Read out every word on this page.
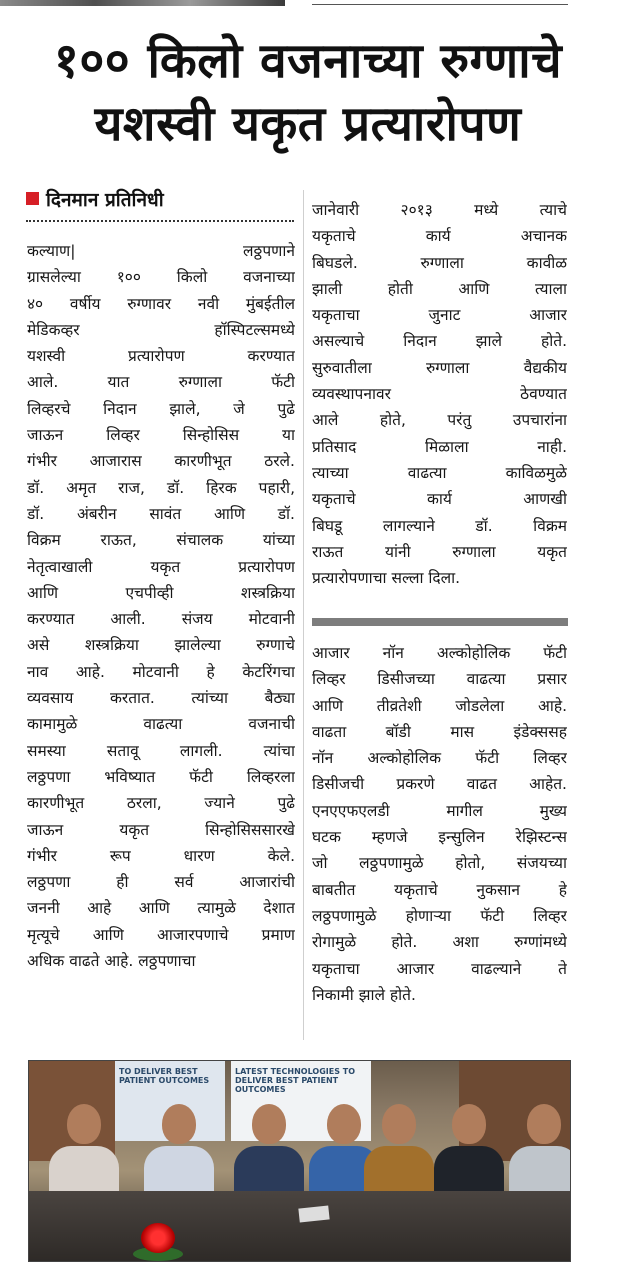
१०० किलो वजनाच्या रुग्णाचे
यशस्वी यकृत प्रत्यारोपण
दिनमान प्रतिनिधी
कल्याण| लठ्ठपणाने
ग्रासलेल्या १०० किलो वजनाच्या
४० वर्षीय रुग्णावर नवी मुंबईतील
मेडिकव्हर हॉस्पिटल्समध्ये
यशस्वी प्रत्यारोपण करण्यात
आले. यात रुग्णाला फॅटी
लिव्हरचे निदान झाले, जे पुढे
जाऊन लिव्हर सिन्होसिस या
गंभीर आजारास कारणीभूत ठरले.
डॉ. अमृत राज, डॉ. हिरक पहारी,
डॉ. अंबरीन सावंत आणि डॉ.
विक्रम राऊत, संचालक यांच्या
नेतृत्वाखाली यकृत प्रत्यारोपण
आणि एचपीव्ही शस्त्रक्रिया
करण्यात आली. संजय मोटवानी
असे शस्त्रक्रिया झालेल्या रुग्णाचे
नाव आहे. मोटवानी हे केटरिंगचा
व्यवसाय करतात. त्यांच्या बैठ्या
कामामुळे वाढत्या वजनाची
समस्या सतावू लागली. त्यांचा
लठ्ठपणा भविष्यात फॅटी लिव्हरला
कारणीभूत ठरला, ज्याने पुढे
जाऊन यकृत सिन्होसिससारखे
गंभीर रूप धारण केले.
लठ्ठपणा ही सर्व आजारांची
जननी आहे आणि त्यामुळे देशात
मृत्यूचे आणि आजारपणाचे प्रमाण
अधिक वाढते आहे. लठ्ठपणाचा
जानेवारी २०१३ मध्ये त्याचे
यकृताचे कार्य अचानक
बिघडले. रुग्णाला कावीळ
झाली होती आणि त्याला
यकृताचा जुनाट आजार
असल्याचे निदान झाले होते.
सुरुवातीला रुग्णाला वैद्यकीय
व्यवस्थापनावर ठेवण्यात
आले होते, परंतु उपचारांना
प्रतिसाद मिळाला नाही.
त्याच्या वाढत्या काविळमुळे
यकृताचे कार्य आणखी
बिघडू लागल्याने डॉ. विक्रम
राऊत यांनी रुग्णाला यकृत
प्रत्यारोपणाचा सल्ला दिला.
आजार नॉन अल्कोहोलिक फॅटी
लिव्हर डिसीजच्या वाढत्या प्रसार
आणि तीव्रतेशी जोडलेला आहे.
वाढता बॉडी मास इंडेक्ससह
नॉन अल्कोहोलिक फॅटी लिव्हर
डिसीजची प्रकरणे वाढत आहेत.
एनएएफएलडी मागील मुख्य
घटक म्हणजे इन्सुलिन रेझिस्टन्स
जो लठ्ठपणामुळे होतो, संजयच्या
बाबतीत यकृताचे नुकसान हे
लठ्ठपणामुळे होणाऱ्या फॅटी लिव्हर
रोगामुळे होते. अशा रुग्णांमध्ये
यकृताचा आजार वाढल्याने ते
निकामी झाले होते.
TO DELIVER BEST PATIENT OUTCOMES
LATEST TECHNOLOGIES TO DELIVER BEST PATIENT OUTCOMES
